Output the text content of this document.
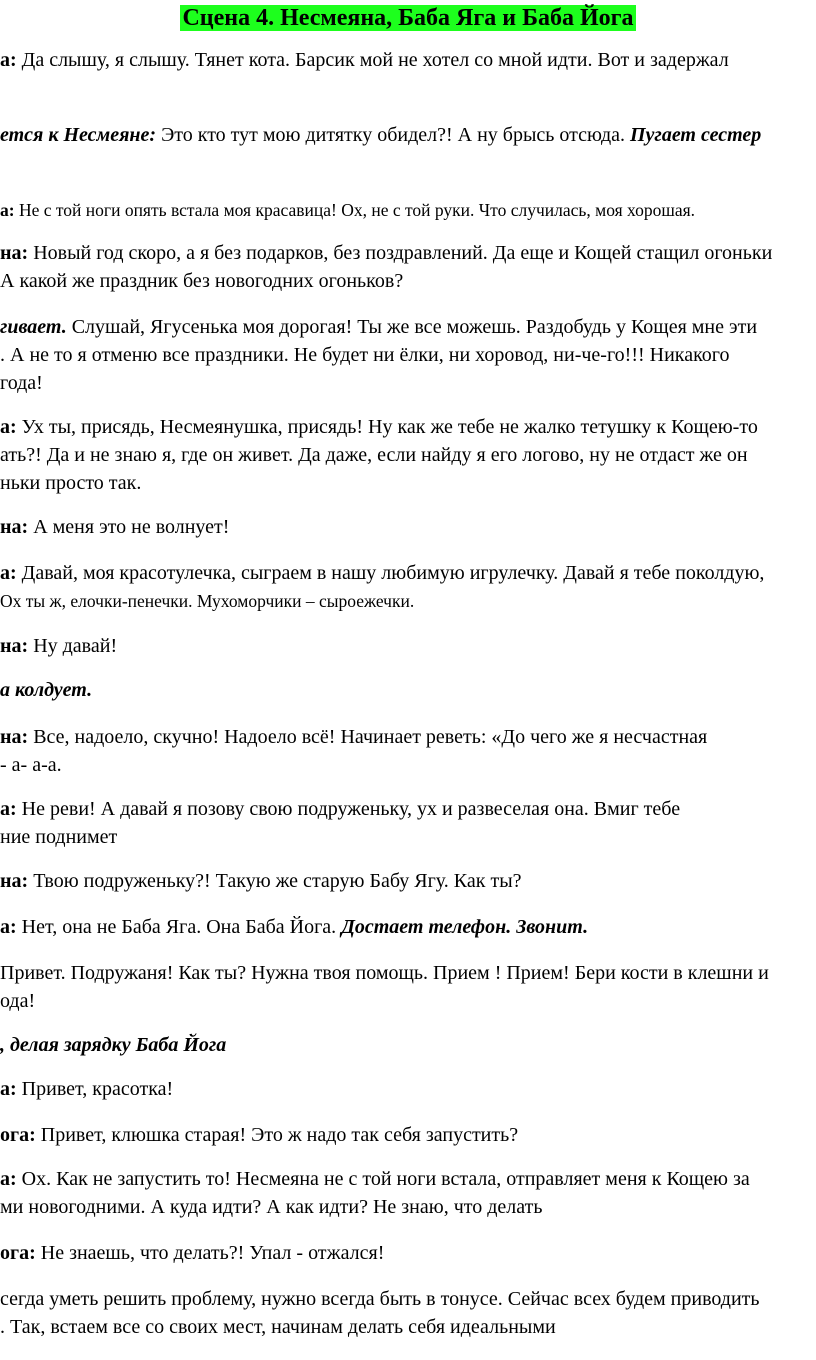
Сцена 4. Несмеяна, Баба Яга и Баба Йога
а: Да слышу, я слышу. Тянет кота. Барсик мой не хотел со мной идти. Вот и задержал
ется к Несмеяне: Это кто тут мою дитятку обидел?! А ну брысь отсюда. Пугает сестер
а: Не с той ноги опять встала моя красавица! Ох, не с той руки. Что случилась, моя хорошая.
на: Новый год скоро, а я без подарков, без поздравлений. Да еще и Кощей стащил огоньки
А какой же праздник без новогодних огоньков?
гивает. Слушай, Ягусенька моя дорогая! Ты же все можешь. Раздобудь у Кощея мне эти
. А не то я отменю все праздники. Не будет ни ёлки, ни хоровод, ни-че-го!!! Никакого
года!
а: Ух ты, присядь, Несмеянушка, присядь! Ну как же тебе не жалко тетушку к Кощею-то
ать?! Да и не знаю я, где он живет. Да даже, если найду я его логово, ну не отдаст же он
ньки просто так.
на: А меня это не волнует!
а: Давай, моя красотулечка, сыграем в нашу любимую игрулечку. Давай я тебе поколдую,
Ох ты ж, елочки-пенечки. Мухоморчики – сыроежечки.
на: Ну давай!
а колдует.
на: Все, надоело, скучно! Надоело всё! Начинает реветь: «До чего же я несчастная
- а- а-а.
а: Не реви! А давай я позову свою подруженьку, ух и развеселая она. Вмиг тебе
ние поднимет
на: Твою подруженьку?! Такую же старую Бабу Ягу. Как ты?
а: Нет, она не Баба Яга. Она Баба Йога. Достает телефон. Звонит.
Привет. Подружаня! Как ты? Нужна твоя помощь. Прием ! Прием! Бери кости в клешни и
ода!
, делая зарядку Баба Йога
а: Привет, красотка!
ога: Привет, клюшка старая! Это ж надо так себя запустить?
а: Ох. Как не запустить то! Несмеяна не с той ноги встала, отправляет меня к Кощею за
ми новогодними. А куда идти? А как идти? Не знаю, что делать
ога: Не знаешь, что делать?! Упал - отжался!
сегда уметь решить проблему, нужно всегда быть в тонусе. Сейчас всех будем приводить
. Так, встаем все со своих мест, начинам делать себя идеальными
